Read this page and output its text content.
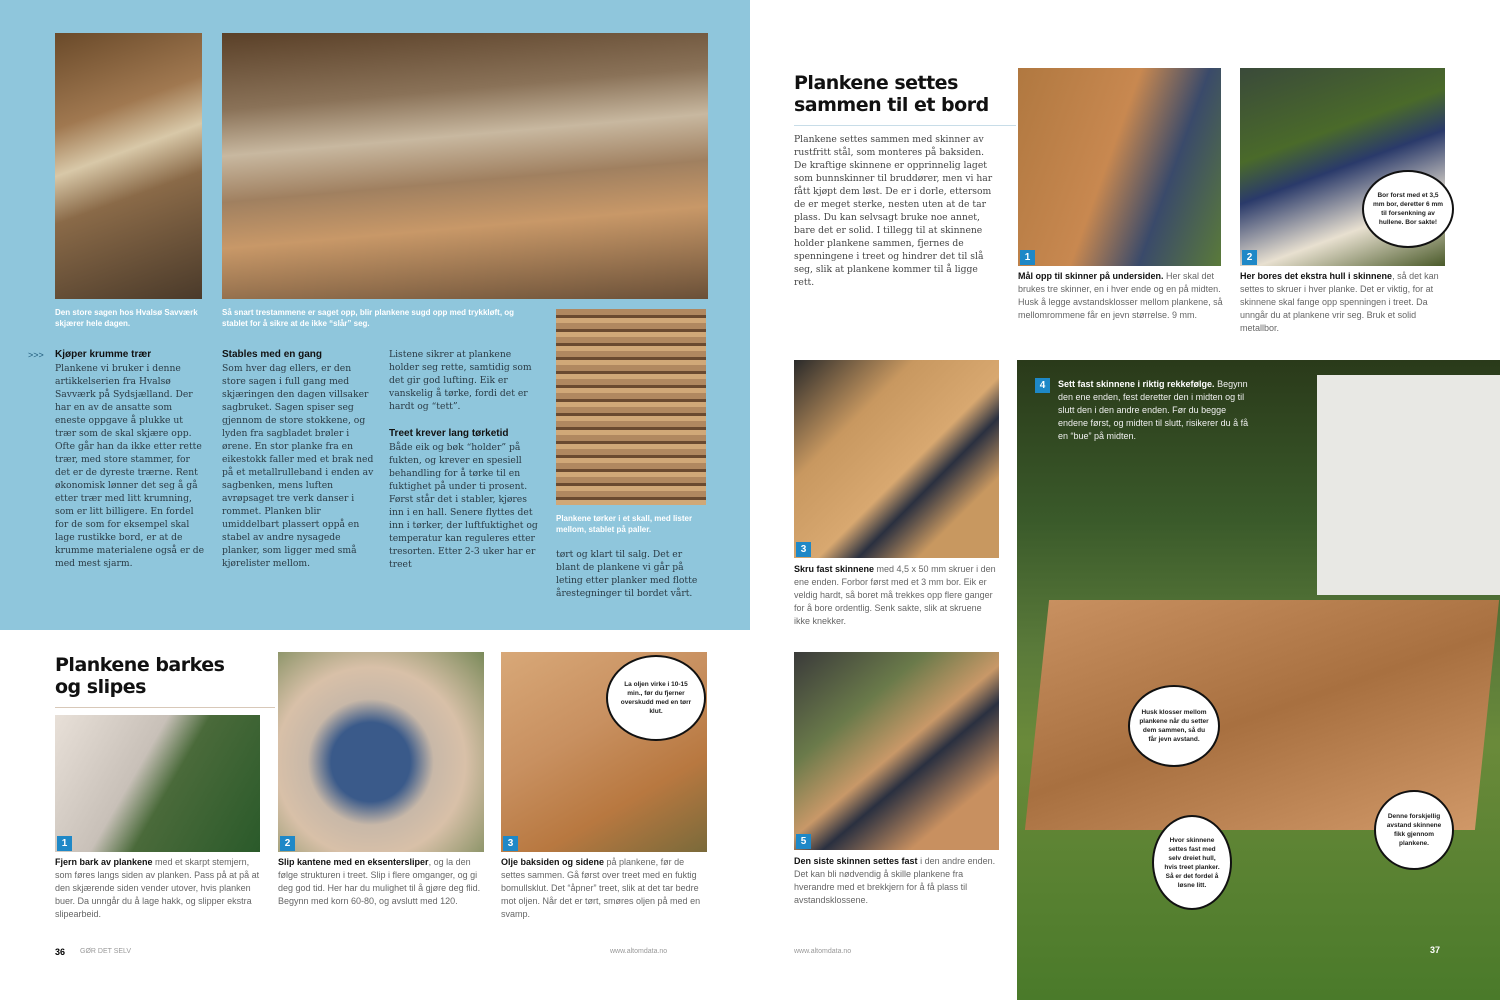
Den store sagen hos Hvalsø Savværk skjærer hele dagen.
Så snart trestammene er saget opp, blir plankene sugd opp med trykkløft, og stablet for å sikre at de ikke “slår” seg.
Plankene tørker i et skall, med lister mellom, stablet på paller.
>>> Kjøper krumme trær

Plankene vi bruker i denne artikkelserien fra Hvalsø Savværk på Sydsjælland. Der har en av de ansatte som eneste oppgave å plukke ut trær som de skal skjære opp. Ofte går han da ikke etter rette trær, med store stammer, for det er de dyreste trærne. Rent økonomisk lønner det seg å gå etter trær med litt krumning, som er litt billigere. En fordel for de som for eksempel skal lage rustikke bord, er at de krumme materialene også er de med mest sjarm.

Stables med en gang

Som hver dag ellers, er den store sagen i full gang med skjæringen den dagen villsaker sagbruket. Sagen spiser seg gjennom de store stokkene, og lyden fra sagbladet brøler i ørene. En stor planke fra en eikestokk faller med et brak ned på et metallrulleband i enden av sagbenken, mens luften avrøpsaget tre verk danser i rommet. Planken blir umiddelbart plassert oppå en stabel av andre nysagede planker, som ligger med små kjørelister mellom.

Listene sikrer at plankene holder seg rette, samtidig som det gir god lufting. Eik er vanskelig å tørke, fordi det er hardt og “tett”.

Treet krever lang tørketid

Både eik og bøk “holder” på fukten, og krever en spesiell behandling for å tørke til en fuktighet på under ti prosent. Først står det i stabler, kjøres inn i en hall. Senere flyttes det inn i tørker, der luftfuktighet og temperatur kan reguleres etter tresorten. Etter 2-3 uker har er treet

tørt og klart til salg. Det er blant de plankene vi går på leting etter planker med flotte årestegninger til bordet vårt.

Plankene barkes og slipes	La oljen virke i 10-15 min., før du fjerner overskudd med en tørr klut.
1	2	3
Fjern bark av plankene med et skarpt stemjern, som føres langs siden av planken. Pass på at på at den skjærende siden vender utover, hvis planken buer. Da unngår du å lage hakk, og slipper ekstra slipearbeid.
Slip kantene med en eksentersliper, og la den følge strukturen i treet. Slip i flere omganger, og gi deg god tid. Her har du mulighet til å gjøre deg flid. Begynn med korn 60-80, og avslutt med 120.
Olje baksiden og sidene på plankene, før de settes sammen. Gå først over treet med en fuktig bomullsklut. Det “åpner” treet, slik at det tar bedre mot oljen. Når det er tørt, smøres oljen på med en svamp.
36 GØR DET SELV	www.altomdata.no
Plankene settes sammen til et bord
Plankene settes sammen med skinner av rustfritt stål, som monteres på baksiden. De kraftige skinnene er opprinnelig laget som bunnskinner til bruddører, men vi har fått kjøpt dem løst. De er i dorle, ettersom de er meget sterke, nesten uten at de tar plass. Du kan selvsagt bruke noe annet, bare det er solid. I tillegg til at skinnene holder plankene sammen, fjernes de spenningene i treet og hindrer det til slå seg, slik at plankene kommer til å ligge rett.
Bor forst med et 3,5 mm bor, deretter 6 mm til forsenkning av hullene. Bor sakte!
1	2
Mål opp til skinner på undersiden. Her skal det brukes tre skinner, en i hver ende og en på midten. Husk å legge avstandsklosser mellom plankene, så mellomrommene får en jevn størrelse. 9 mm.
Her bores det ekstra hull i skinnene, så det kan settes to skruer i hver planke. Det er viktig, for at skinnene skal fange opp spenningen i treet. Da unngår du at plankene vrir seg. Bruk et solid metallbor.
3
Skru fast skinnene med 4,5 x 50 mm skruer i den ene enden. Forbor først med et 3 mm bor. Eik er veldig hardt, så boret må trekkes opp flere ganger for å bore ordentlig. Senk sakte, slik at skruene ikke knekker.
5
Den siste skinnen settes fast i den andre enden. Det kan bli nødvendig å skille plankene fra hverandre med et brekkjern for å få plass til avstandsklossene.
4	Sett fast skinnene i riktig rekkefølge. Begynn den ene enden, fest deretter den i midten og til slutt den i den andre enden. Før du begge endene først, og midten til slutt, risikerer du å få en “bue” på midten.
Husk klosser mellom plankene når du setter dem sammen, så du får jevn avstand.
Hvor skinnene settes fast med selv dreiet hull, hvis treet planker. Så er det fordel å løsne litt.
Denne forskjellig avstand skinnene fikk gjennom plankene.
www.altomdata.no	37
